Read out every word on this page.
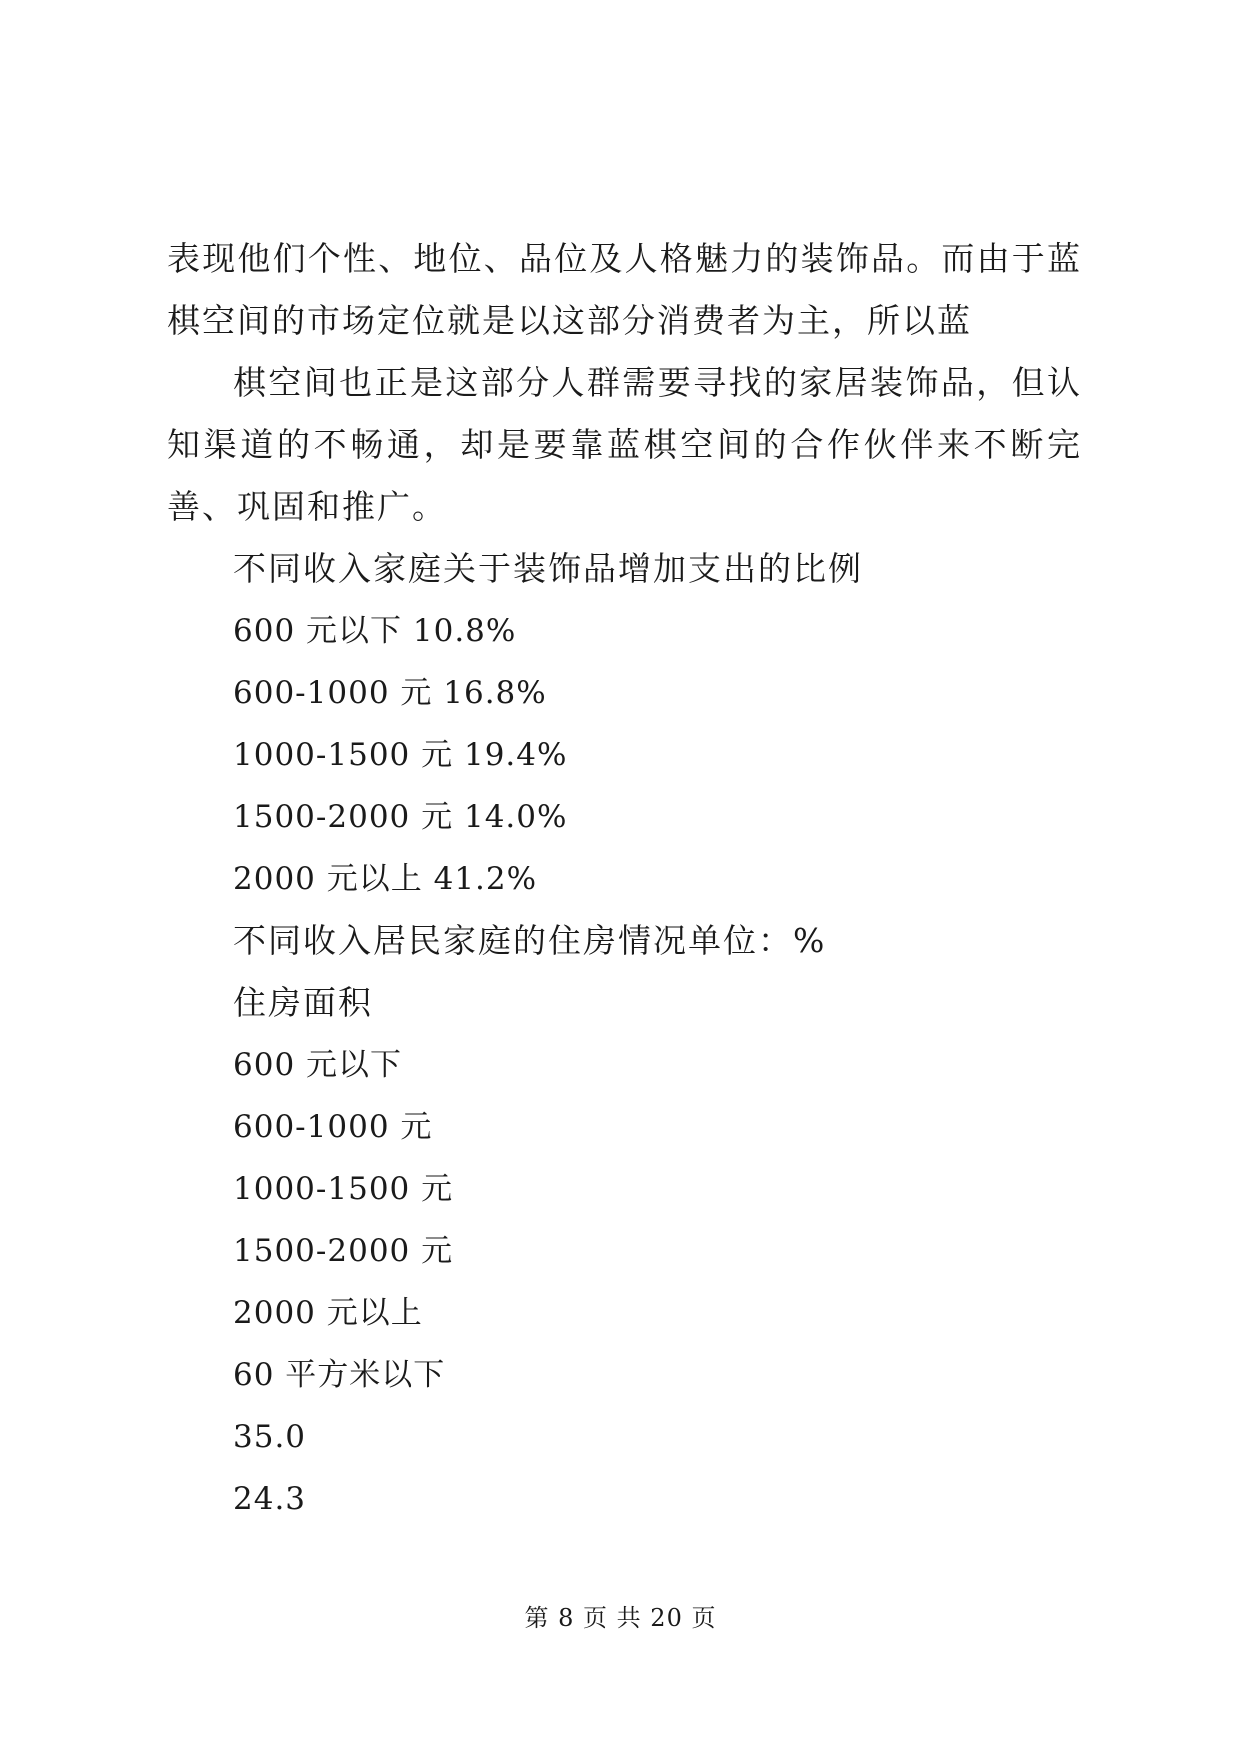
表现他们个性、地位、品位及人格魅力的装饰品。而由于蓝棋空间的市场定位就是以这部分消费者为主，所以蓝

棋空间也正是这部分人群需要寻找的家居装饰品，但认知渠道的不畅通，却是要靠蓝棋空间的合作伙伴来不断完善、巩固和推广。

不同收入家庭关于装饰品增加支出的比例

600 元以下 10.8%

600-1000 元 16.8%

1000-1500 元 19.4%

1500-2000 元 14.0%

2000 元以上 41.2%

不同收入居民家庭的住房情况单位：%

住房面积

600 元以下

600-1000 元

1000-1500 元

1500-2000 元

2000 元以上

60 平方米以下

35.0

24.3

第 8 页 共 20 页
